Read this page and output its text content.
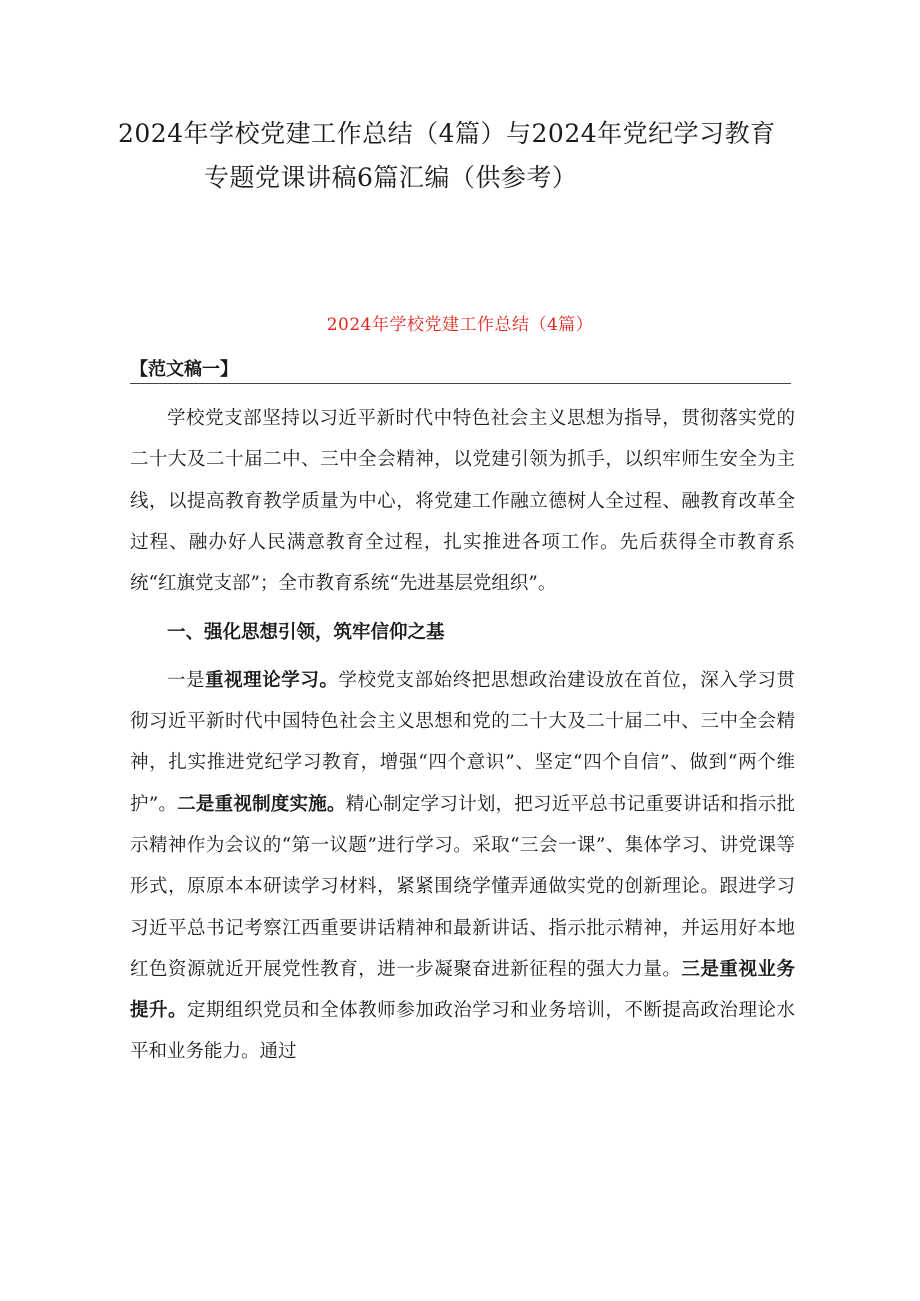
2024年学校党建工作总结（4篇）与2024年党纪学习教育
专题党课讲稿6篇汇编（供参考）
2024年学校党建工作总结（4篇）
【范文稿一】

学校党支部坚持以习近平新时代中特色社会主义思想为指导，贯彻落实党的二十大及二十届二中、三中全会精神，以党建引领为抓手，以织牢师生安全为主线，以提高教育教学质量为中心，将党建工作融立德树人全过程、融教育改革全过程、融办好人民满意教育全过程，扎实推进各项工作。先后获得全市教育系统“红旗党支部”；全市教育系统“先进基层党组织”。

一、强化思想引领，筑牢信仰之基

一是重视理论学习。学校党支部始终把思想政治建设放在首位，深入学习贯彻习近平新时代中国特色社会主义思想和党的二十大及二十届二中、三中全会精神，扎实推进党纪学习教育，增强“四个意识”、坚定“四个自信”、做到“两个维护”。二是重视制度实施。精心制定学习计划，把习近平总书记重要讲话和指示批示精神作为会议的“第一议题”进行学习。采取“三会一课”、集体学习、讲党课等形式，原原本本研读学习材料，紧紧围绕学懂弄通做实党的创新理论。跟进学习习近平总书记考察江西重要讲话精神和最新讲话、指示批示精神，并运用好本地红色资源就近开展党性教育，进一步凝聚奋进新征程的强大力量。三是重视业务提升。定期组织党员和全体教师参加政治学习和业务培训，不断提高政治理论水平和业务能力。通过
